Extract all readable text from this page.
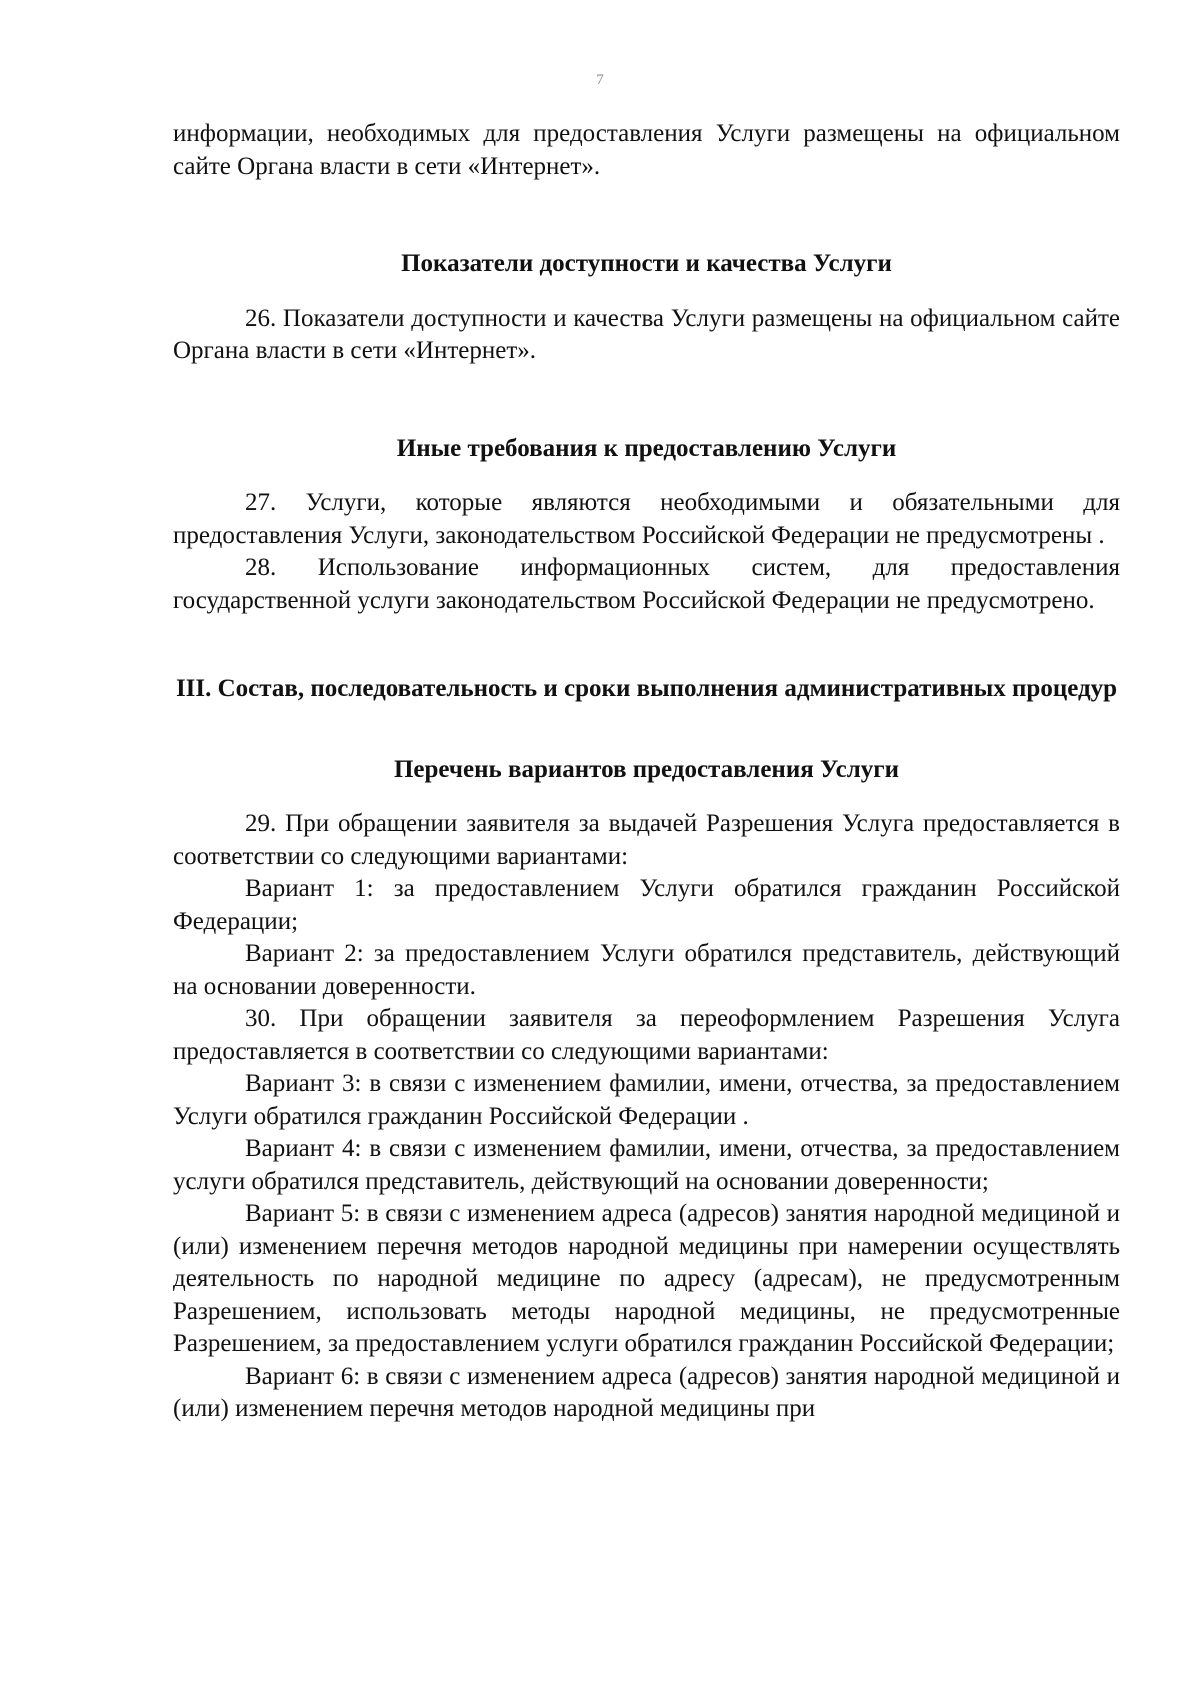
7

информации, необходимых для предоставления Услуги размещены на официальном сайте Органа власти в сети «Интернет».

Показатели доступности и качества Услуги

26. Показатели доступности и качества Услуги размещены на официальном сайте Органа власти в сети «Интернет».

Иные требования к предоставлению Услуги

27. Услуги, которые являются необходимыми и обязательными для предоставления Услуги, законодательством Российской Федерации не предусмотрены .

28. Использование информационных систем, для предоставления государственной услуги законодательством Российской Федерации не предусмотрено.

III. Состав, последовательность и сроки выполнения административных процедур
Перечень вариантов предоставления Услуги

29. При обращении заявителя за выдачей Разрешения Услуга предоставляется в соответствии со следующими вариантами:

Вариант 1: за предоставлением Услуги обратился гражданин Российской Федерации;

Вариант 2: за предоставлением Услуги обратился представитель, действующий на основании доверенности.

30. При обращении заявителя за переоформлением Разрешения Услуга предоставляется в соответствии со следующими вариантами:

Вариант 3: в связи с изменением фамилии, имени, отчества, за предоставлением Услуги обратился гражданин Российской Федерации .

Вариант 4: в связи с изменением фамилии, имени, отчества, за предоставлением услуги обратился представитель, действующий на основании доверенности;

Вариант 5: в связи с изменением адреса (адресов) занятия народной медициной и (или) изменением перечня методов народной медицины при намерении осуществлять деятельность по народной медицине по адресу (адресам), не предусмотренным Разрешением, использовать методы народной медицины, не предусмотренные Разрешением, за предоставлением услуги обратился гражданин Российской Федерации;

Вариант 6: в связи с изменением адреса (адресов) занятия народной медициной и (или) изменением перечня методов народной медицины при
